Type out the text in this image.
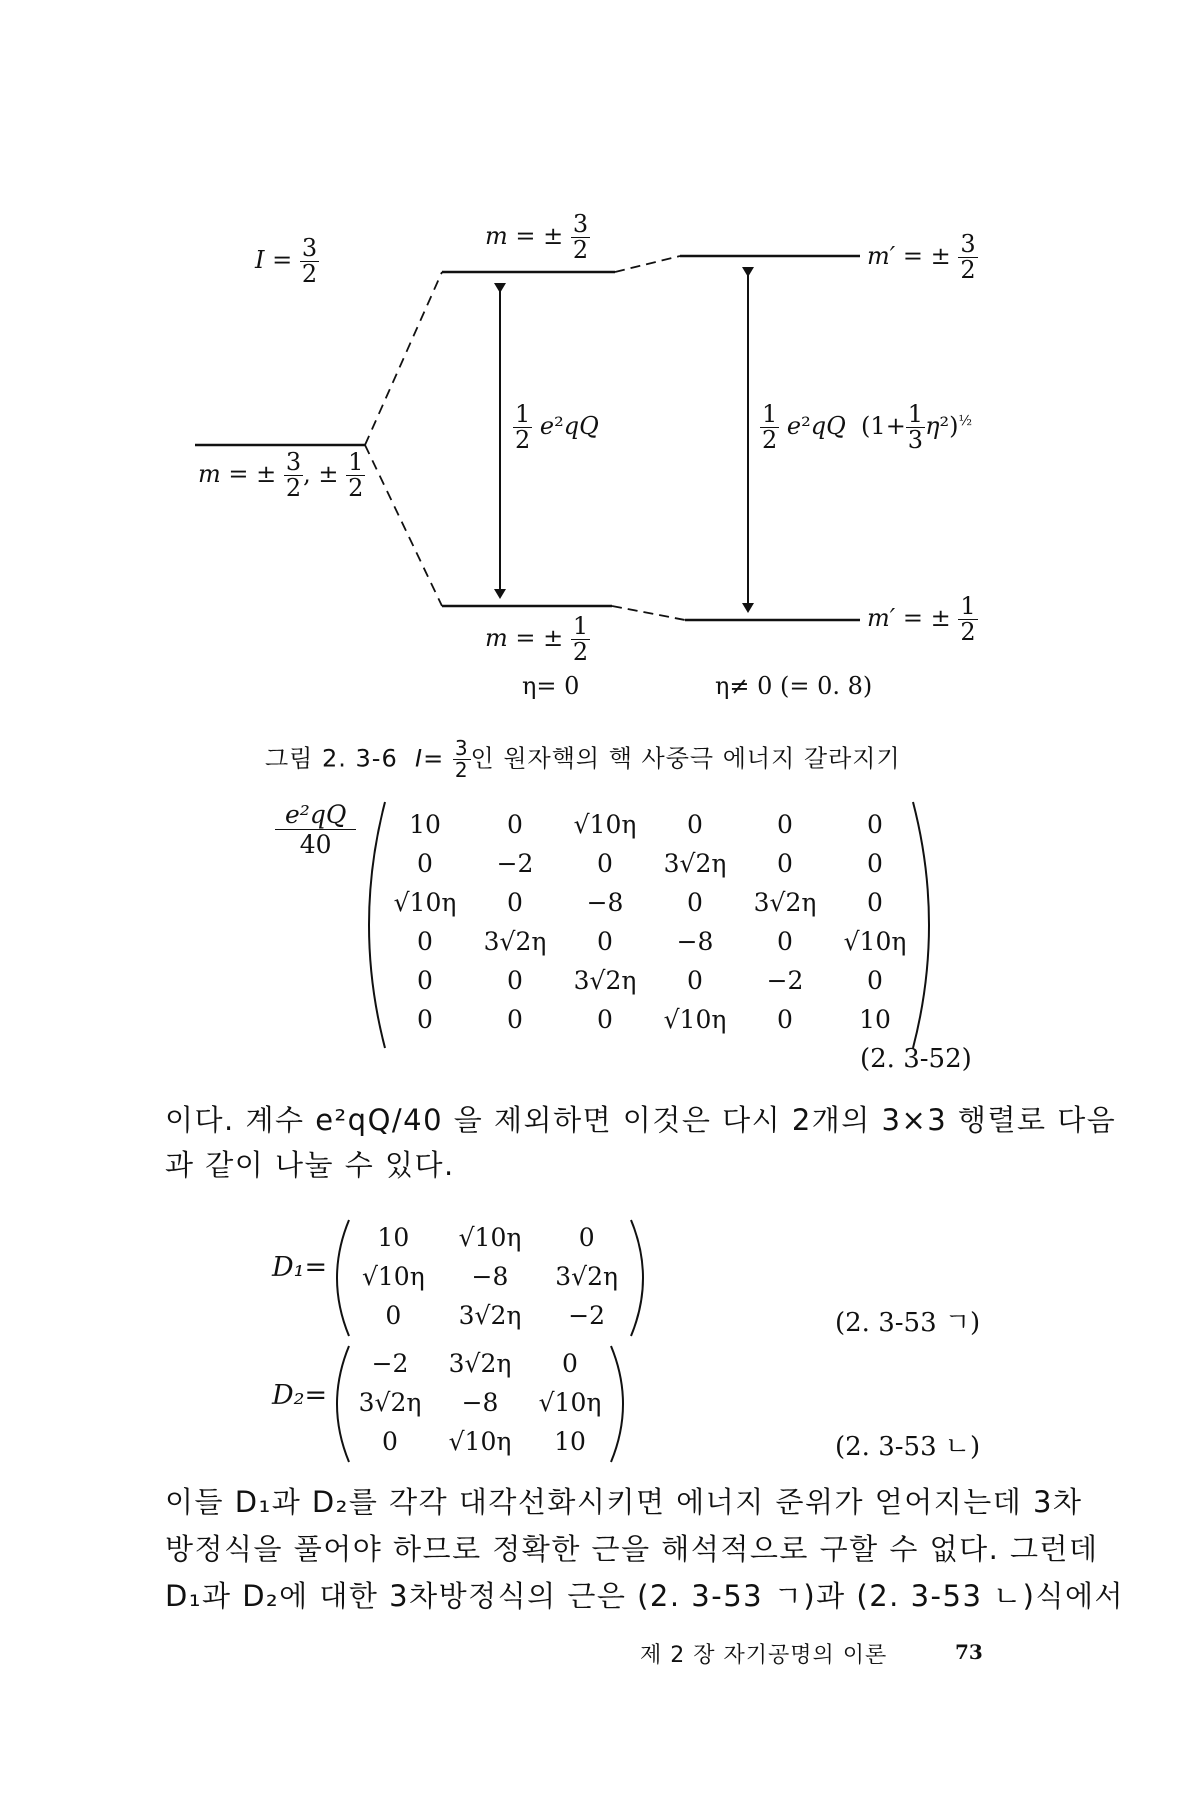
$I = \frac{3}{2}$
m = ± $\frac{3}{2}$ , ± $\frac{1}{2}$
m = ± $\frac{3}{2}$	m′ = ± $\frac{3}{2}$
$\frac{1}{2} e^2qQ$	$\frac{1}{2} e^2qQ$  $(1+ \frac{1}{3} \eta^2)^{\frac{1}{2}}$
m = ± $\frac{1}{2}$	m′ = ± $\frac{1}{2}$
η= 0	η≠ 0 (= 0. 8)
그림 2. 3-6  $I= \frac{3}{2}$ 인 원자핵의 핵 사중극 에너지 갈라지기
e²qQ
40
10	0	√10η	0	0	0
0	−2	0	3√2η	0	0
√10η	0	−8	0	3√2η	0
0	3√2η	0	−8	0	√10η
0	0	3√2η	0	−2	0
0	0	0	√10η	0	10
(2. 3-52)
이다. 계수 e²qQ/40 을 제외하면 이것은 다시 2개의 3×3 행렬로 다음
과 같이 나눌 수 있다.
D₁=
10	√10η	0
√10η	−8	3√2η
0	3√2η	−2	(2. 3-53 ㄱ)
D₂=
−2	3√2η	0
3√2η	−8	√10η
0	√10η	10	(2. 3-53 ㄴ)
이들 D₁과 D₂를 각각 대각선화시키면 에너지 준위가 얻어지는데 3차
방정식을 풀어야 하므로 정확한 근을 해석적으로 구할 수 없다. 그런데
D₁과 D₂에 대한 3차방정식의 근은 (2. 3-53 ㄱ)과 (2. 3-53 ㄴ)식에서
제 2 장 자기공명의 이론	73
